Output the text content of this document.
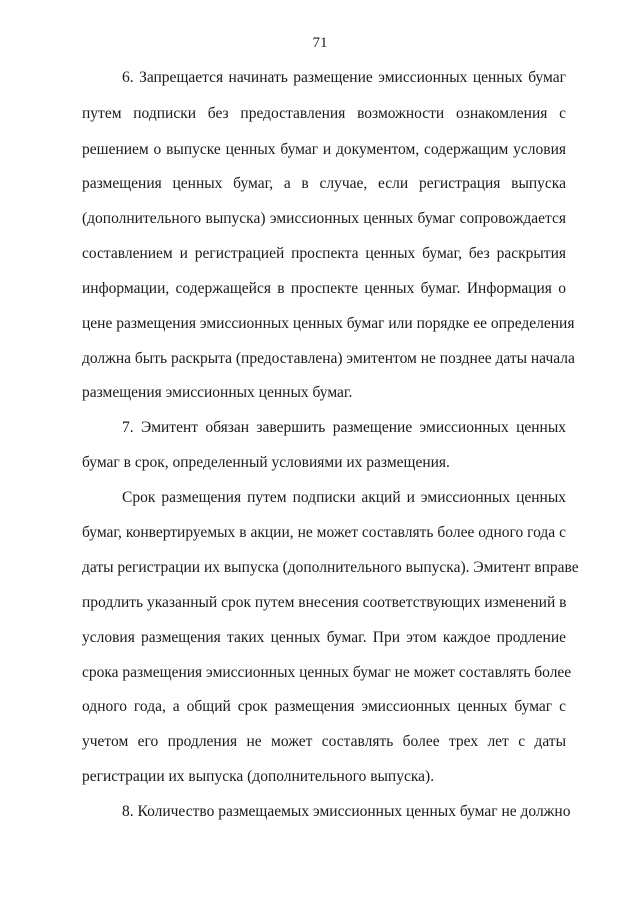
71
6. Запрещается начинать размещение эмиссионных ценных бумаг
путем подписки без предоставления возможности ознакомления с
решением о выпуске ценных бумаг и документом, содержащим условия
размещения ценных бумаг, а в случае, если регистрация выпуска
(дополнительного выпуска) эмиссионных ценных бумаг сопровождается
составлением и регистрацией проспекта ценных бумаг, без раскрытия
информации, содержащейся в проспекте ценных бумаг. Информация о
цене размещения эмиссионных ценных бумаг или порядке ее определения
должна быть раскрыта (предоставлена) эмитентом не позднее даты начала
размещения эмиссионных ценных бумаг.
7. Эмитент обязан завершить размещение эмиссионных ценных
бумаг в срок, определенный условиями их размещения.
Срок размещения путем подписки акций и эмиссионных ценных
бумаг, конвертируемых в акции, не может составлять более одного года с
даты регистрации их выпуска (дополнительного выпуска). Эмитент вправе
продлить указанный срок путем внесения соответствующих изменений в
условия размещения таких ценных бумаг. При этом каждое продление
срока размещения эмиссионных ценных бумаг не может составлять более
одного года, а общий срок размещения эмиссионных ценных бумаг с
учетом его продления не может составлять более трех лет с даты
регистрации их выпуска (дополнительного выпуска).
8. Количество размещаемых эмиссионных ценных бумаг не должно
